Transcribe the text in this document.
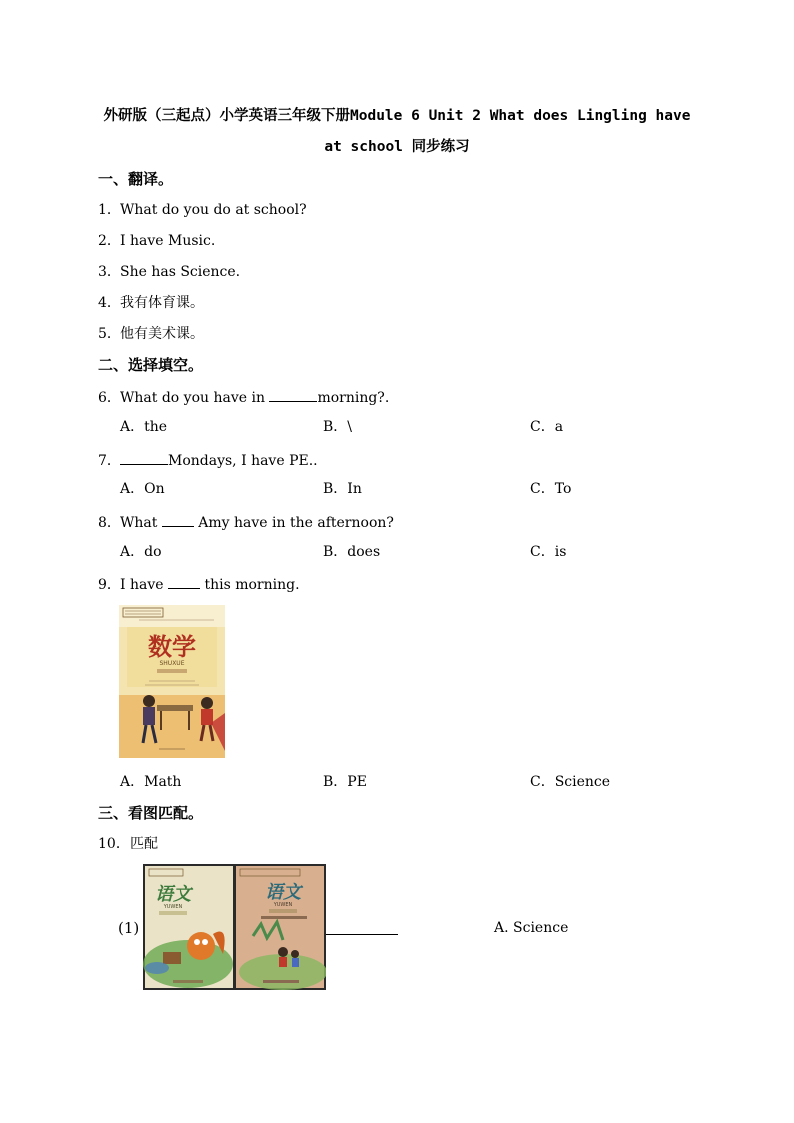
外研版（三起点）小学英语三年级下册Module 6 Unit 2 What does Lingling have
at school 同步练习
一、翻译。
1．What do you do at school?
2．I have Music.
3．She has Science.
4．我有体育课。
5．他有美术课。
二、选择填空。
6．What do you have in	morning?.
A．the	B．\	C．a
7．	Mondays, I have PE..
A．On	B．In	C．To
8．What  Amy have in the afternoon?
A．do	B．does	C．is
9．I have  this morning.
数学
SHUXUE
A．Math	B．PE	C．Science
三、看图匹配。
10．匹配
(1)
语文
YUWEN
语文
YUWEN
A. Science
